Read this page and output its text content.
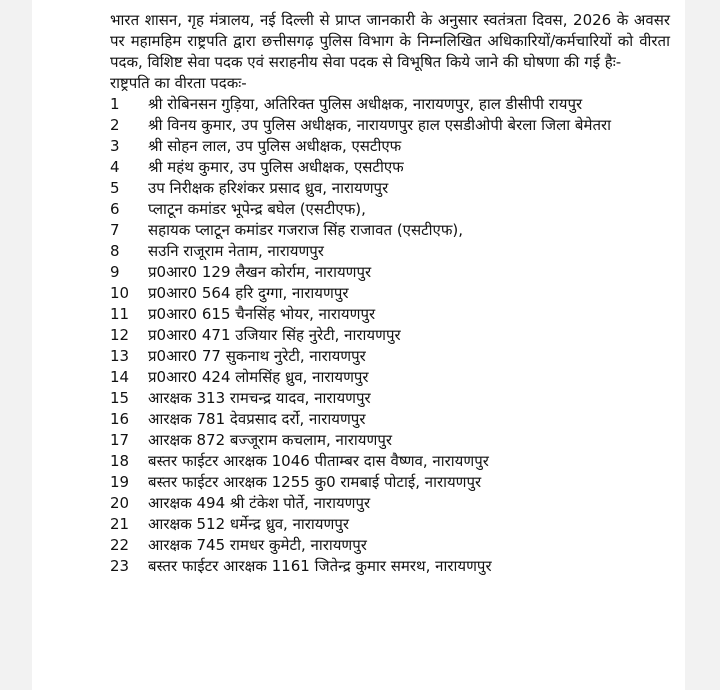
भारत शासन, गृह मंत्रालय, नई दिल्ली से प्राप्त जानकारी के अनुसार स्वतंत्रता दिवस, 2026 के अवसर पर महामहिम राष्ट्रपति द्वारा छत्तीसगढ़ पुलिस विभाग के निम्नलिखित अधिकारियों/कर्मचारियों को वीरता पदक, विशिष्ट सेवा पदक एवं सराहनीय सेवा पदक से विभूषित किये जाने की घोषणा की गई हैः-

राष्ट्रपति का वीरता पदकः-

1	श्री रोबिनसन गुड़िया, अतिरिक्त पुलिस अधीक्षक, नारायणपुर, हाल डीसीपी रायपुर
2	श्री विनय कुमार, उप पुलिस अधीक्षक, नारायणपुर हाल एसडीओपी बेरला जिला बेमेतरा
3	श्री सोहन लाल, उप पुलिस अधीक्षक, एसटीएफ
4	श्री महंथ कुमार, उप पुलिस अधीक्षक, एसटीएफ
5	उप निरीक्षक हरिशंकर प्रसाद ध्रुव, नारायणपुर
6	प्लाटून कमांडर भूपेन्द्र बघेल (एसटीएफ),
7	सहायक प्लाटून कमांडर गजराज सिंह राजावत (एसटीएफ),
8	सउनि राजूराम नेताम, नारायणपुर
9	प्र0आर0 129 लैखन कोर्राम, नारायणपुर
10	प्र0आर0 564 हरि दुग्गा, नारायणपुर
11	प्र0आर0 615 चैनसिंह भोयर, नारायणपुर
12	प्र0आर0 471 उजियार सिंह नुरेटी, नारायणपुर
13	प्र0आर0 77 सुकनाथ नुरेटी, नारायणपुर
14	प्र0आर0 424 लोमसिंह ध्रुव, नारायणपुर
15	आरक्षक 313 रामचन्द्र यादव, नारायणपुर
16	आरक्षक 781 देवप्रसाद दर्रो, नारायणपुर
17	आरक्षक 872 बज्जूराम कचलाम, नारायणपुर
18	बस्तर फाईटर आरक्षक 1046 पीताम्बर दास वैष्णव, नारायणपुर
19	बस्तर फाईटर आरक्षक 1255 कु0 रामबाई पोटाई, नारायणपुर
20	आरक्षक 494 श्री टंकेश पोर्ते, नारायणपुर
21	आरक्षक 512 धर्मेन्द्र ध्रुव, नारायणपुर
22	आरक्षक 745 रामधर कुमेटी, नारायणपुर
23	बस्तर फाईटर आरक्षक 1161 जितेन्द्र कुमार समरथ, नारायणपुर
